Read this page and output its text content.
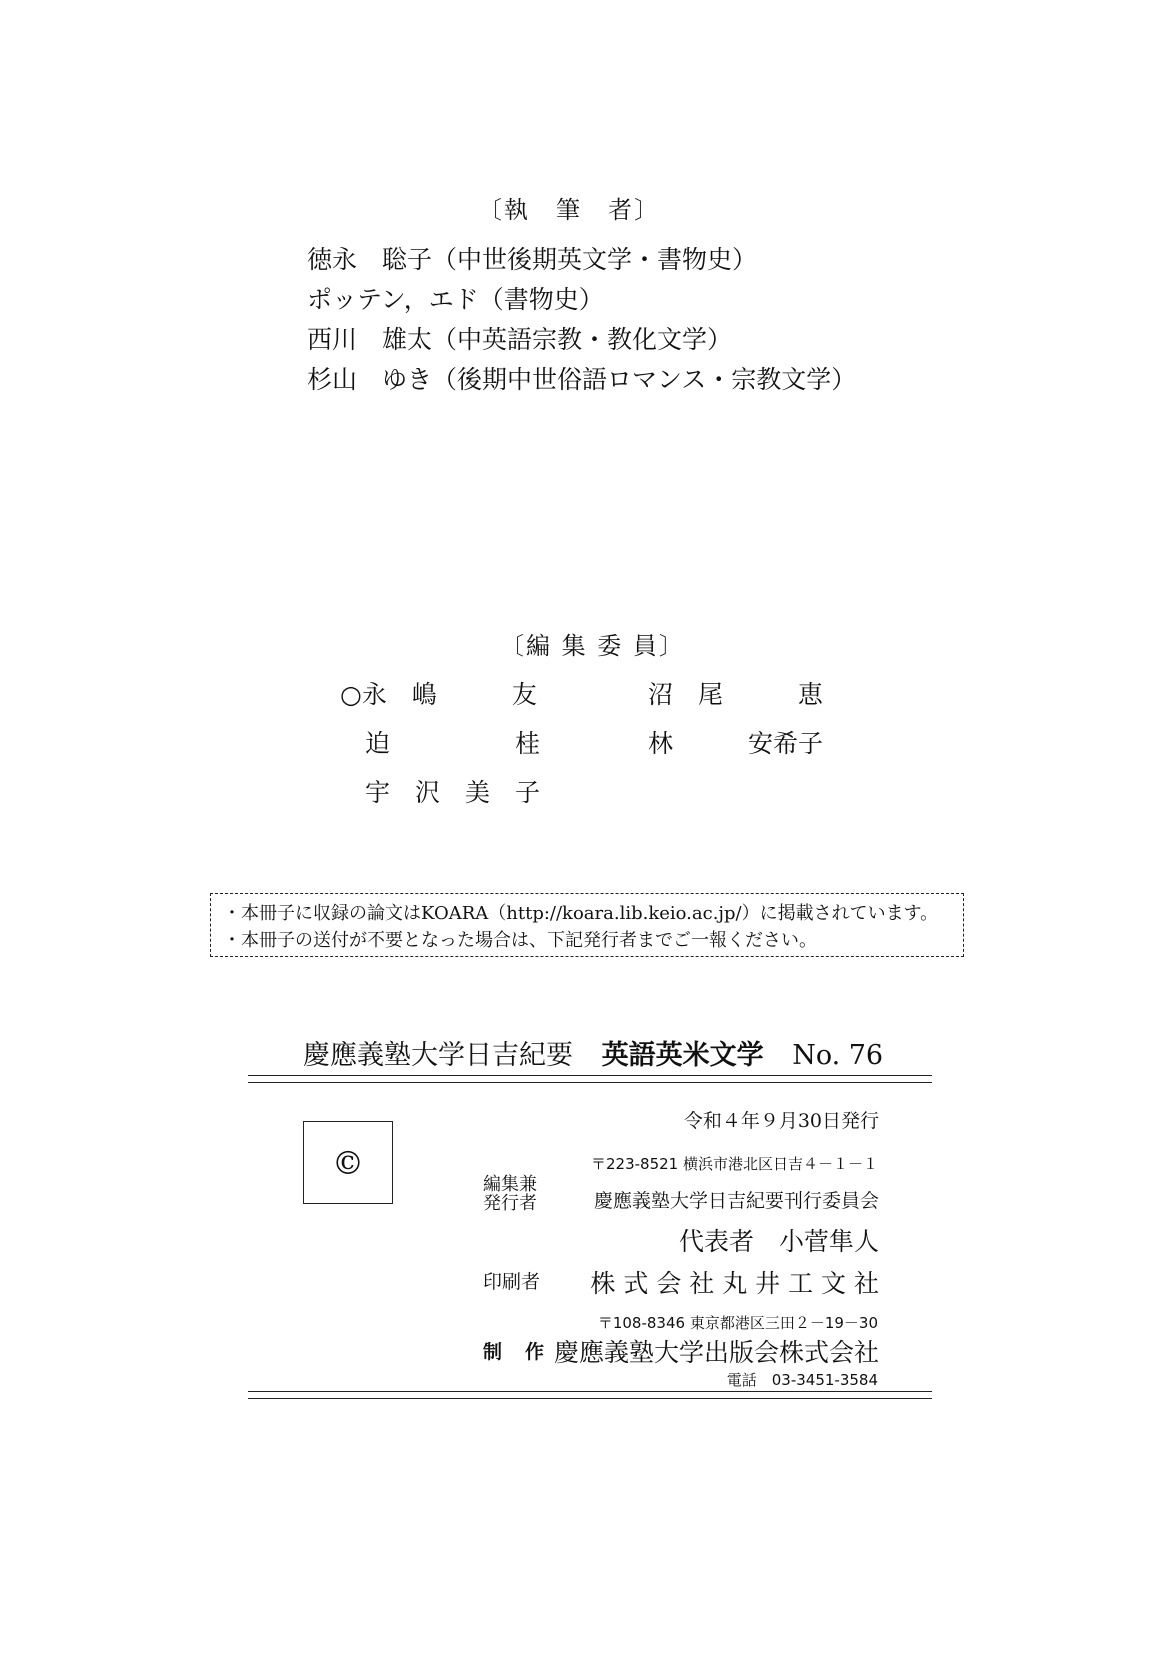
〔執　筆　者〕
徳永　聡子（中世後期英文学・書物史）
ポッテン，エド（書物史）
西川　雄太（中英語宗教・教化文学）
杉山　ゆき（後期中世俗語ロマンス・宗教文学）
〔編 集 委 員〕
○永　嶋　　　友	沼　尾　　　恵
迫　　　　　桂	林　　　安希子
宇　沢　美　子
・本冊子に収録の論文はKOARA（http://koara.lib.keio.ac.jp/）に掲載されています。
・本冊子の送付が不要となった場合は、下記発行者までご一報ください。
慶應義塾大学日吉紀要 英語英米文学 No. 76
©
令和４年９月30日発行
〒223-8521 横浜市港北区日吉４－１－１
編集兼
発行者	慶應義塾大学日吉紀要刊行委員会
代表者　小菅隼人
印刷者 株 式 会 社 丸 井 工 文 社
〒108-8346 東京都港区三田２－19－30
制　作 慶應義塾大学出版会株式会社
電話　03-3451-3584
